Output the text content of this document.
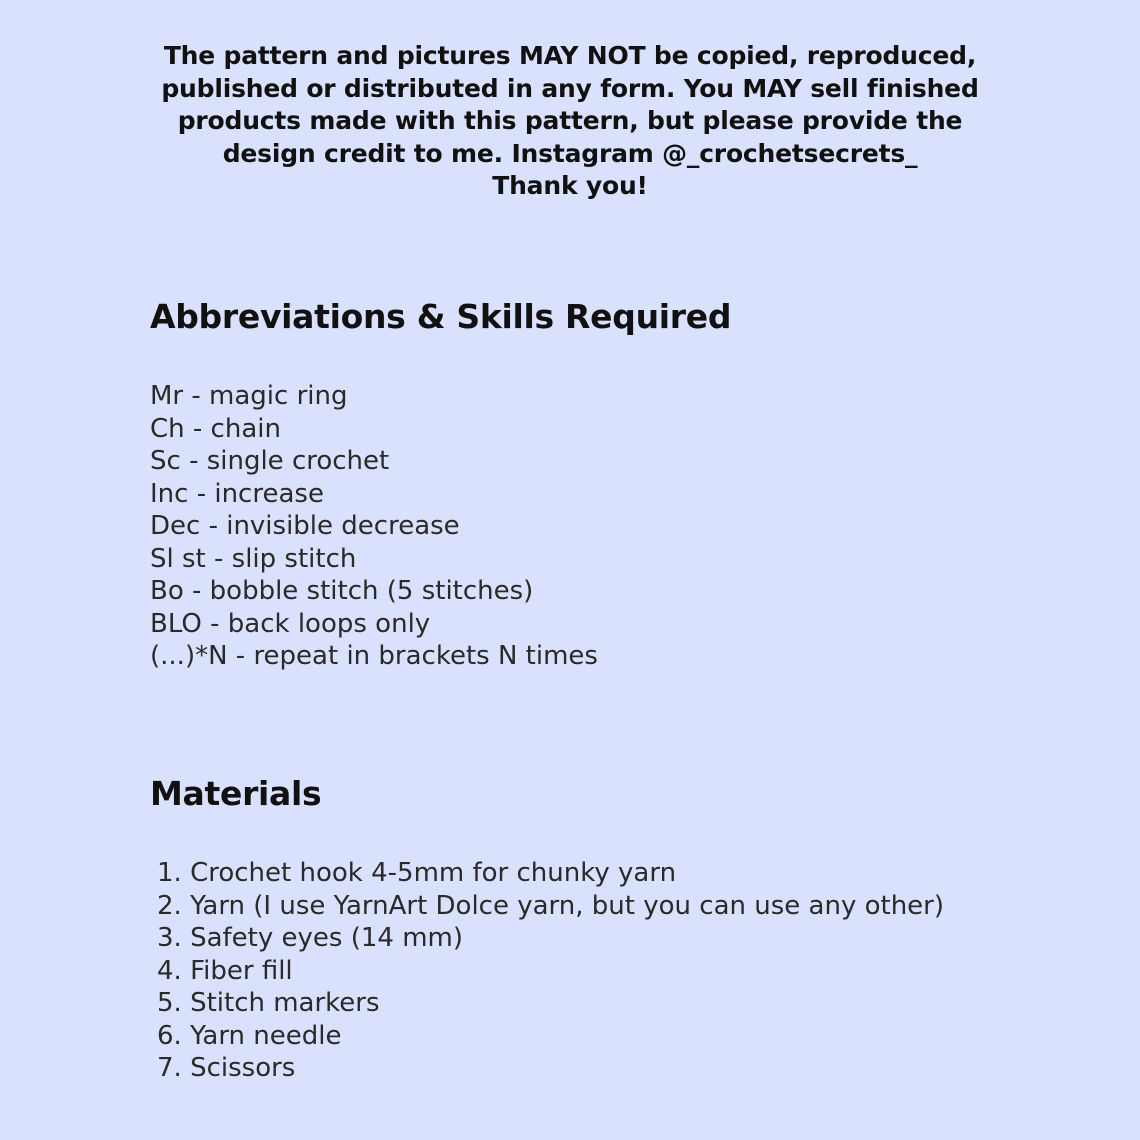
The pattern and pictures MAY NOT be copied, reproduced,
published or distributed in any form. You MAY sell finished
products made with this pattern, but please provide the
design credit to me. Instagram @_crochetsecrets_
Thank you!
Abbreviations & Skills Required
Mr - magic ring
Ch - chain
Sc - single crochet
Inc - increase
Dec - invisible decrease
Sl st - slip stitch
Bo - bobble stitch (5 stitches)
BLO - back loops only
(...)*N - repeat in brackets N times
Materials
1. Crochet hook 4-5mm for chunky yarn
2. Yarn (I use YarnArt Dolce yarn, but you can use any other)
3. Safety eyes (14 mm)
4. Fiber fill
5. Stitch markers
6. Yarn needle
7. Scissors
